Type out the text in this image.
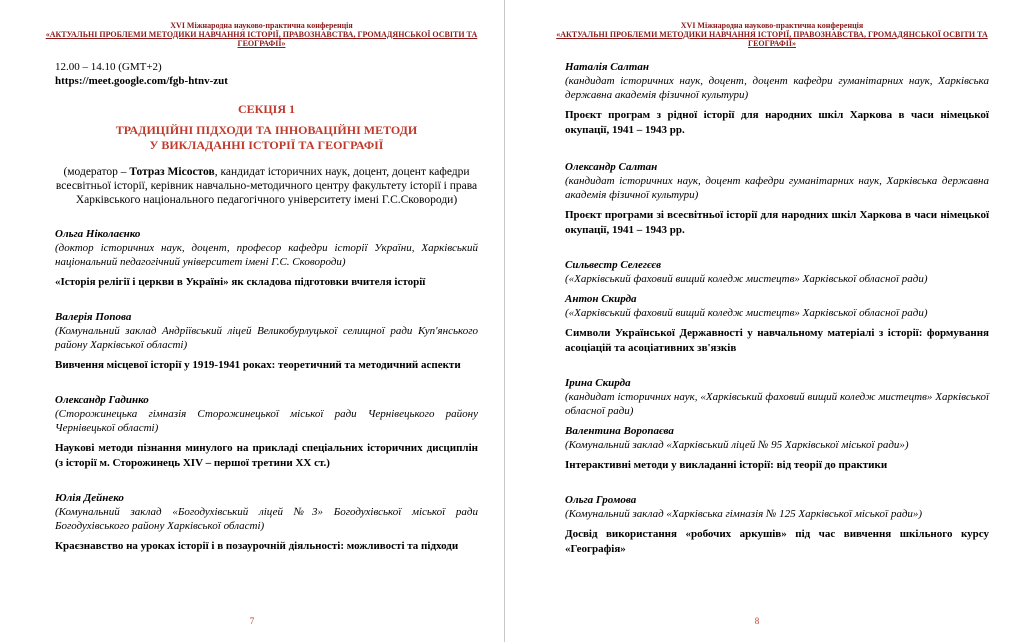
XVI Міжнародна науково-практична конференція
«АКТУАЛЬНІ ПРОБЛЕМИ МЕТОДИКИ НАВЧАННЯ ІСТОРІЇ, ПРАВОЗНАВСТВА, ГРОМАДЯНСЬКОЇ ОСВІТИ ТА ГЕОГРАФІЇ»
12.00 – 14.10 (GMT+2)
https://meet.google.com/fgb-htnv-zut
СЕКЦІЯ 1
ТРАДИЦІЙНІ ПІДХОДИ ТА ІННОВАЦІЙНІ МЕТОДИ
У ВИКЛАДАННІ ІСТОРІЇ ТА ГЕОГРАФІЇ
(модератор – Тотраз Місостов, кандидат історичних наук, доцент, доцент кафедри всесвітньої історії, керівник навчально-методичного центру факультету історії і права Харківського національного педагогічного університету імені Г.С.Сковороди)
Ольга Ніколаєнко
(доктор історичних наук, доцент, професор кафедри історії України, Харківський національний педагогічний університет імені Г.С. Сковороди)
«Історія релігії і церкви в Україні» як складова підготовки вчителя історії
Валерія Попова
(Комунальний заклад Андріївський ліцей Великобурлуцької селищної ради Куп'янського району Харківської області)
Вивчення місцевої історії у 1919-1941 роках: теоретичний та методичний аспекти
Олександр Гадинко
(Сторожинецька гімназія Сторожинецької міської ради Чернівецького району Чернівецької області)
Наукові методи пізнання минулого на прикладі спеціальних історичних дисциплін (з історії м. Сторожинець XIV – першої третини XX ст.)
Юлія Дейнеко
(Комунальний заклад «Богодухівський ліцей №3» Богодухівської міської ради Богодухівського району Харківської області)
Краєзнавство на уроках історії і в позаурочній діяльності: можливості та підходи
7
XVI Міжнародна науково-практична конференція
«АКТУАЛЬНІ ПРОБЛЕМИ МЕТОДИКИ НАВЧАННЯ ІСТОРІЇ, ПРАВОЗНАВСТВА, ГРОМАДЯНСЬКОЇ ОСВІТИ ТА ГЕОГРАФІЇ»
Наталія Салтан
(кандидат історичних наук, доцент, доцент кафедри гуманітарних наук, Харківська державна академія фізичної культури)
Проєкт програм з рідної історії для народних шкіл Харкова в часи німецької окупації, 1941 – 1943 рр.
Олександр Салтан
(кандидат історичних наук, доцент кафедри гуманітарних наук, Харківська державна академія фізичної культури)
Проєкт програми зі всесвітньої історії для народних шкіл Харкова в часи німецької окупації, 1941 – 1943 рр.
Сильвестр Селегєєв
(«Харківський фаховий вищий коледж мистецтв» Харківської обласної ради)
Антон Скирда
(«Харківський фаховий вищий коледж мистецтв» Харківської обласної ради)
Символи Української Державності у навчальному матеріалі з історії: формування асоціацій та асоціативних зв'язків
Ірина Скирда
(кандидат історичних наук, «Харківський фаховий вищий коледж мистецтв» Харківської обласної ради)
Валентина Воропаєва
(Комунальний заклад «Харківський ліцей № 95 Харківської міської ради»)
Інтерактивні методи у викладанні історії: від теорії до практики
Ольга Громова
(Комунальний заклад «Харківська гімназія № 125 Харківської міської ради»)
Досвід використання «робочих аркушів» під час вивчення шкільного курсу «Географія»
8
